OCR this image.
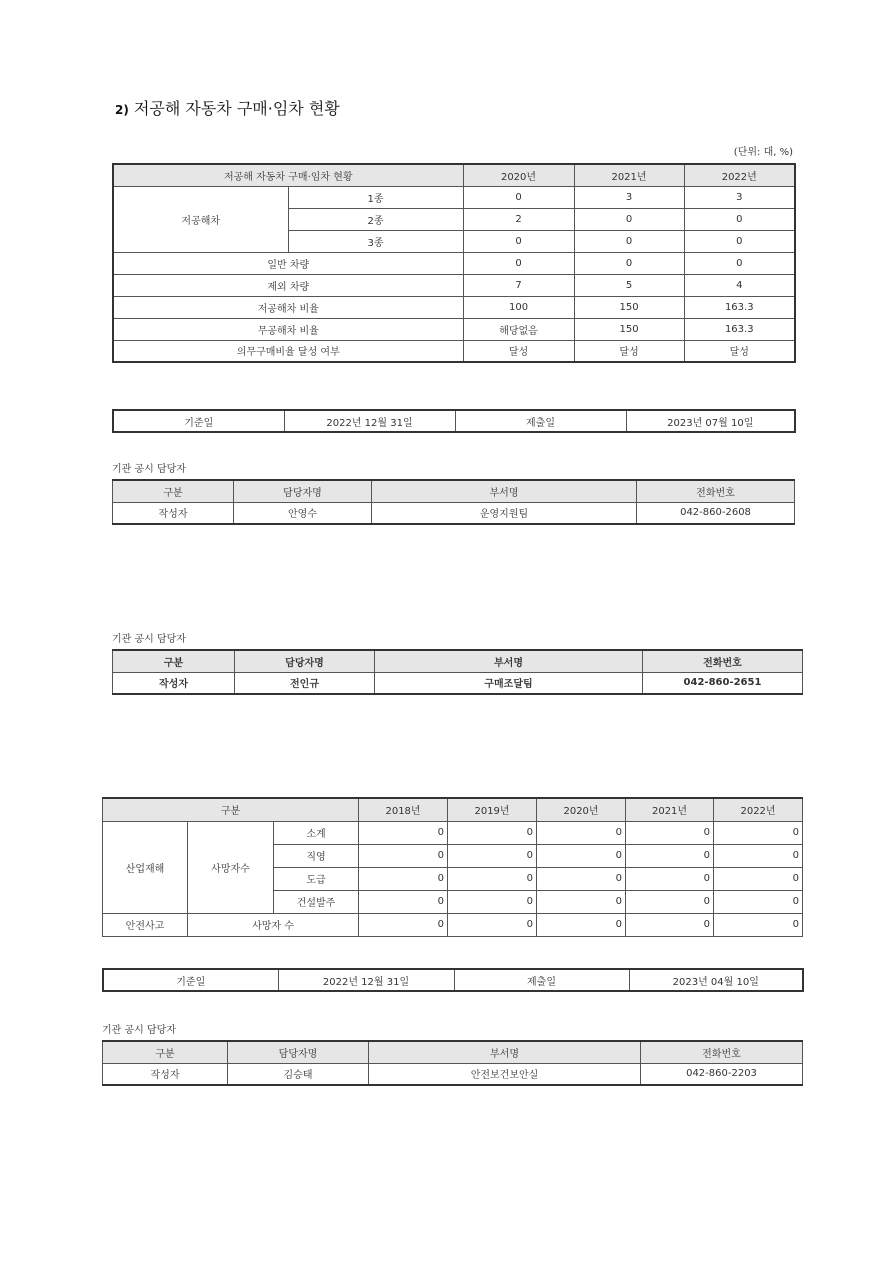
2) 저공해 자동차 구매·임차 현황
(단위: 대, %)
저공해 자동차 구매·임차 현황		2020년	2021년	2022년
저공해차	1종	0	3	3
	2종	2	0	0
	3종	0	0	0
일반 차량		0	0	0
제외 차량		7	5	4
저공해차 비율		100	150	163.3
무공해차 비율		해당없음	150	163.3
의무구매비율 달성 여부		달성	달성	달성
기준일	2022년 12월 31일	제출일	2023년 07월 10일
기관 공시 담당자
구분	담당자명	부서명	전화번호
작성자	안영수	운영지원팀	042-860-2608
기관 공시 담당자
구분	담당자명	부서명	전화번호
작성자	전인규	구매조달팀	042-860-2651
구분			2018년	2019년	2020년	2021년	2022년
산업재해	사망자수	소계	0	0	0	0	0
		직영	0	0	0	0	0
		도급	0	0	0	0	0
		건설발주	0	0	0	0	0
안전사고	사망자 수		0	0	0	0	0
기준일	2022년 12월 31일	제출일	2023년 04월 10일
기관 공시 담당자
구분	담당자명	부서명	전화번호
작성자	김승태	안전보건보안실	042-860-2203
